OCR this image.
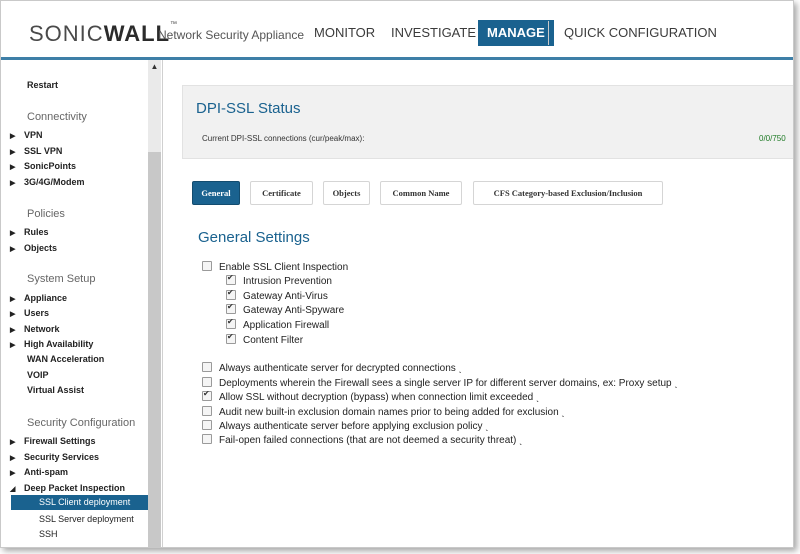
SONICWALL™
Network Security Appliance MONITOR	INVESTIGATE MANAGE	QUICK CONFIGURATION
Restart
Connectivity
▶ VPN
▶ SSL VPN
▶ SonicPoints
▶ 3G/4G/Modem
Policies
▶ Rules
▶ Objects
System Setup
▶ Appliance
▶ Users
▶ Network
▶ High Availability
WAN Acceleration
VOIP
Virtual Assist
Security Configuration
▶ Firewall Settings
▶ Security Services
▶ Anti-spam
◢ Deep Packet Inspection
SSL Client deployment
SSL Server deployment
SSH
▲
DPI-SSL Status
Current DPI-SSL connections (cur/peak/max):	0/0/750
General	Certificate	Objects	Common Name	CFS Category-based Exclusion/Inclusion
General Settings
Enable SSL Client Inspection
✔Intrusion Prevention
✔Gateway Anti-Virus
✔Gateway Anti-Spyware
✔Application Firewall
✔Content Filter
Always authenticate server for decrypted connections ˎ
Deployments wherein the Firewall sees a single server IP for different server domains, ex: Proxy setup ˎ
✔Allow SSL without decryption (bypass) when connection limit exceeded ˎ
Audit new built-in exclusion domain names prior to being added for exclusion ˎ
Always authenticate server before applying exclusion policy ˎ
Fail-open failed connections (that are not deemed a security threat) ˎ
